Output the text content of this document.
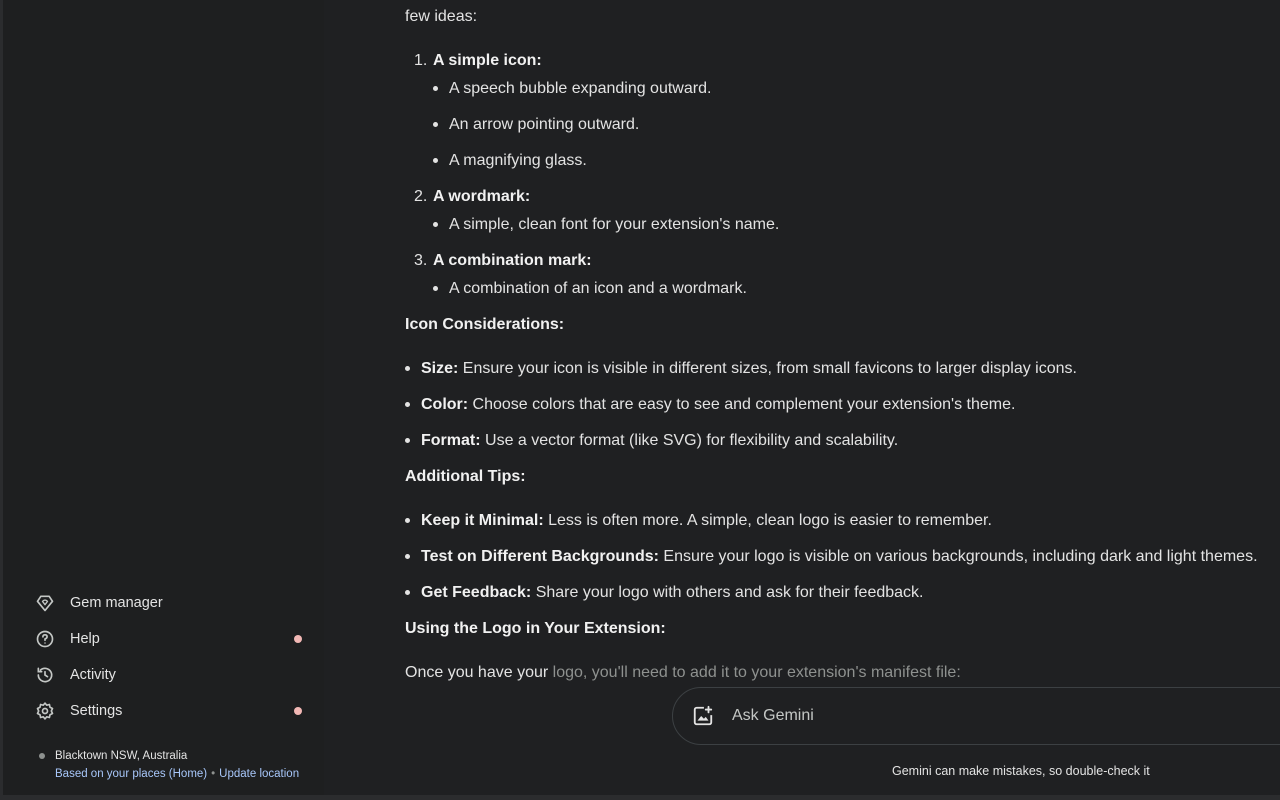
Gem manager
Help
Activity
Settings
Blacktown NSW, Australia
Based on your places (Home) • Update location
few ideas:
1. A simple icon:
A speech bubble expanding outward.
An arrow pointing outward.
A magnifying glass.
2. A wordmark:
A simple, clean font for your extension's name.
3. A combination mark:
A combination of an icon and a wordmark.
Icon Considerations:
Size: Ensure your icon is visible in different sizes, from small favicons to larger display icons.
Color: Choose colors that are easy to see and complement your extension's theme.
Format: Use a vector format (like SVG) for flexibility and scalability.
Additional Tips:
Keep it Minimal: Less is often more. A simple, clean logo is easier to remember.
Test on Different Backgrounds: Ensure your logo is visible on various backgrounds, including dark and light themes.
Get Feedback: Share your logo with others and ask for their feedback.
Using the Logo in Your Extension:
Once you have your logo, you'll need to add it to your extension's manifest file:
Ask Gemini
Gemini can make mistakes, so double-check it
